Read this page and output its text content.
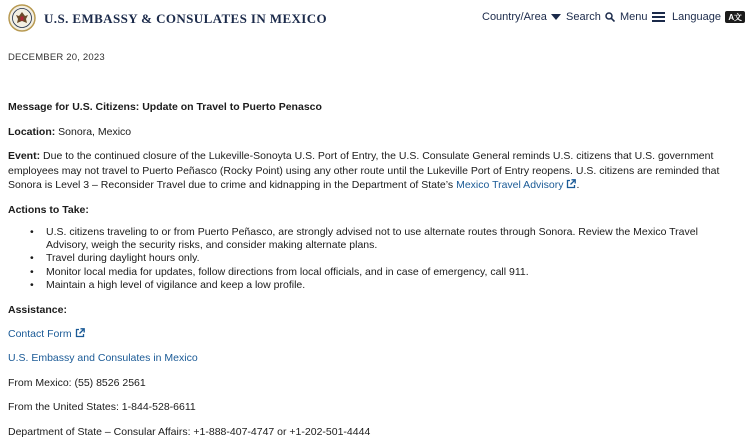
U.S. EMBASSY & CONSULATES IN MEXICO	Country/Area Search Menu Language A文
DECEMBER 20, 2023
Message for U.S. Citizens: Update on Travel to Puerto Penasco
Location: Sonora, Mexico
Event: Due to the continued closure of the Lukeville-Sonoyta U.S. Port of Entry, the U.S. Consulate General reminds U.S. citizens that U.S. government employees may not travel to Puerto Peñasco (Rocky Point) using any other route until the Lukeville Port of Entry reopens. U.S. citizens are reminded that Sonora is Level 3 – Reconsider Travel due to crime and kidnapping in the Department of State’s Mexico Travel Advisory .
Actions to Take:
• U.S. citizens traveling to or from Puerto Peñasco, are strongly advised not to use alternate routes through Sonora. Review the Mexico Travel Advisory, weigh the security risks, and consider making alternate plans.
• Travel during daylight hours only.
• Monitor local media for updates, follow directions from local officials, and in case of emergency, call 911.
• Maintain a high level of vigilance and keep a low profile.
Assistance:
Contact Form
U.S. Embassy and Consulates in Mexico
From Mexico: (55) 8526 2561
From the United States: 1-844-528-6611
Department of State – Consular Affairs: +1-888-407-4747 or +1-202-501-4444
